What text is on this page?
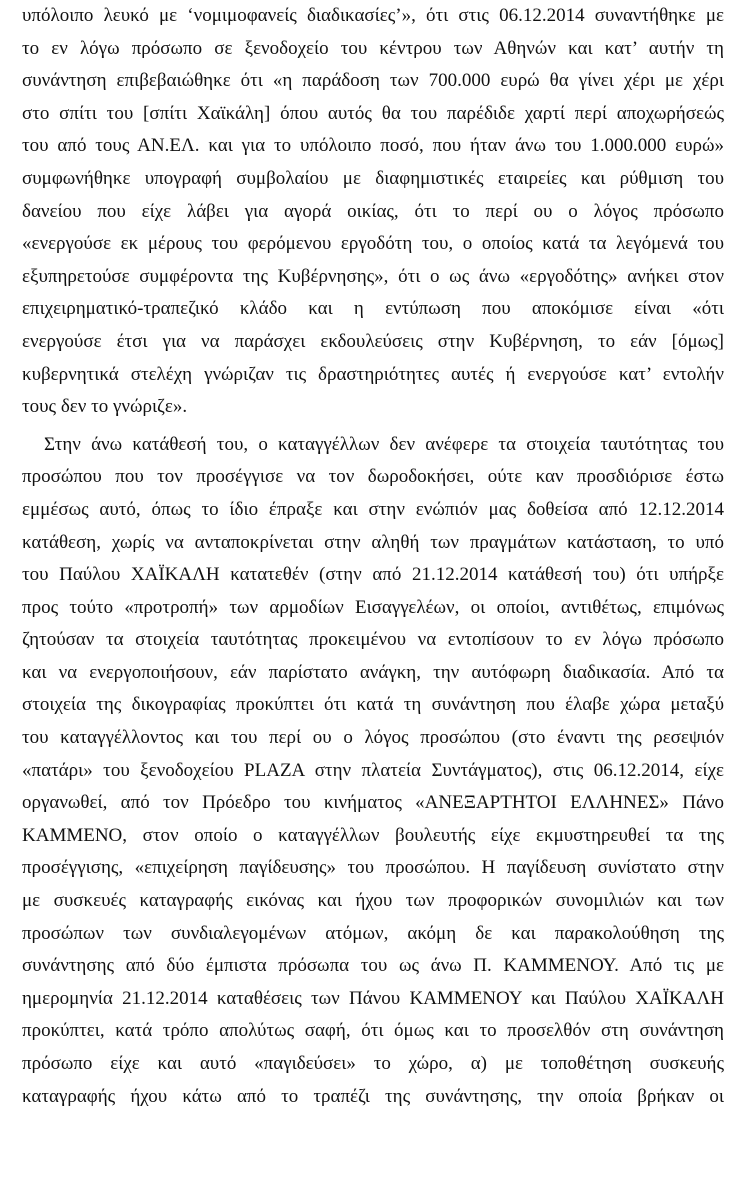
υπόλοιπο λευκό με ‘νομιμοφανείς διαδικασίες’», ότι στις 06.12.2014 συναντήθηκε με
το εν λόγω πρόσωπο σε ξενοδοχείο του κέντρου των Αθηνών και κατ’ αυτήν τη
συνάντηση επιβεβαιώθηκε ότι «η παράδοση των 700.000 ευρώ θα γίνει χέρι με χέρι
στο σπίτι του [σπίτι Χαϊκάλη] όπου αυτός θα του παρέδιδε χαρτί περί αποχωρήσεώς
του από τους ΑΝ.ΕΛ. και για το υπόλοιπο ποσό, που ήταν άνω του 1.000.000 ευρώ»
συμφωνήθηκε υπογραφή συμβολαίου με διαφημιστικές εταιρείες και ρύθμιση του
δανείου που είχε λάβει για αγορά οικίας, ότι το περί ου ο λόγος πρόσωπο
«ενεργούσε εκ μέρους του φερόμενου εργοδότη του, ο οποίος κατά τα λεγόμενά του
εξυπηρετούσε συμφέροντα της Κυβέρνησης», ότι ο ως άνω «εργοδότης» ανήκει στον
επιχειρηματικό-τραπεζικό κλάδο και η εντύπωση που αποκόμισε είναι «ότι
ενεργούσε έτσι για να παράσχει εκδουλεύσεις στην Κυβέρνηση, το εάν [όμως]
κυβερνητικά στελέχη γνώριζαν τις δραστηριότητες αυτές ή ενεργούσε κατ’ εντολήν
τους δεν το γνώριζε».
Στην άνω κατάθεσή του, ο καταγγέλλων δεν ανέφερε τα στοιχεία ταυτότητας του
προσώπου που τον προσέγγισε να τον δωροδοκήσει, ούτε καν προσδιόρισε έστω
εμμέσως αυτό, όπως το ίδιο έπραξε και στην ενώπιόν μας δοθείσα από 12.12.2014
κατάθεση, χωρίς να ανταποκρίνεται στην αληθή των πραγμάτων κατάσταση, το υπό
του Παύλου ΧΑΪΚΑΛΗ κατατεθέν (στην από 21.12.2014 κατάθεσή του) ότι υπήρξε
προς τούτο «προτροπή» των αρμοδίων Εισαγγελέων, οι οποίοι, αντιθέτως, επιμόνως
ζητούσαν τα στοιχεία ταυτότητας προκειμένου να εντοπίσουν το εν λόγω πρόσωπο
και να ενεργοποιήσουν, εάν παρίστατο ανάγκη, την αυτόφωρη διαδικασία. Από τα
στοιχεία της δικογραφίας προκύπτει ότι κατά τη συνάντηση που έλαβε χώρα μεταξύ
του καταγγέλλοντος και του περί ου ο λόγος προσώπου (στο έναντι της ρεσεψιόν
«πατάρι» του ξενοδοχείου PLAZA στην πλατεία Συντάγματος), στις 06.12.2014, είχε
οργανωθεί, από τον Πρόεδρο του κινήματος «ΑΝΕΞΑΡΤΗΤΟΙ ΕΛΛΗΝΕΣ» Πάνο
ΚΑΜΜΕΝΟ, στον οποίο ο καταγγέλλων βουλευτής είχε εκμυστηρευθεί τα της
προσέγγισης, «επιχείρηση παγίδευσης» του προσώπου. Η παγίδευση συνίστατο στην
με συσκευές καταγραφής εικόνας και ήχου των προφορικών συνομιλιών και των
προσώπων των συνδιαλεγομένων ατόμων, ακόμη δε και παρακολούθηση της
συνάντησης από δύο έμπιστα πρόσωπα του ως άνω Π. ΚΑΜΜΕΝΟΥ. Από τις με
ημερομηνία 21.12.2014 καταθέσεις των Πάνου ΚΑΜΜΕΝΟΥ και Παύλου ΧΑΪΚΑΛΗ
προκύπτει, κατά τρόπο απολύτως σαφή, ότι όμως και το προσελθόν στη συνάντηση
πρόσωπο είχε και αυτό «παγιδεύσει» το χώρο, α) με τοποθέτηση συσκευής
καταγραφής ήχου κάτω από το τραπέζι της συνάντησης, την οποία βρήκαν οι
